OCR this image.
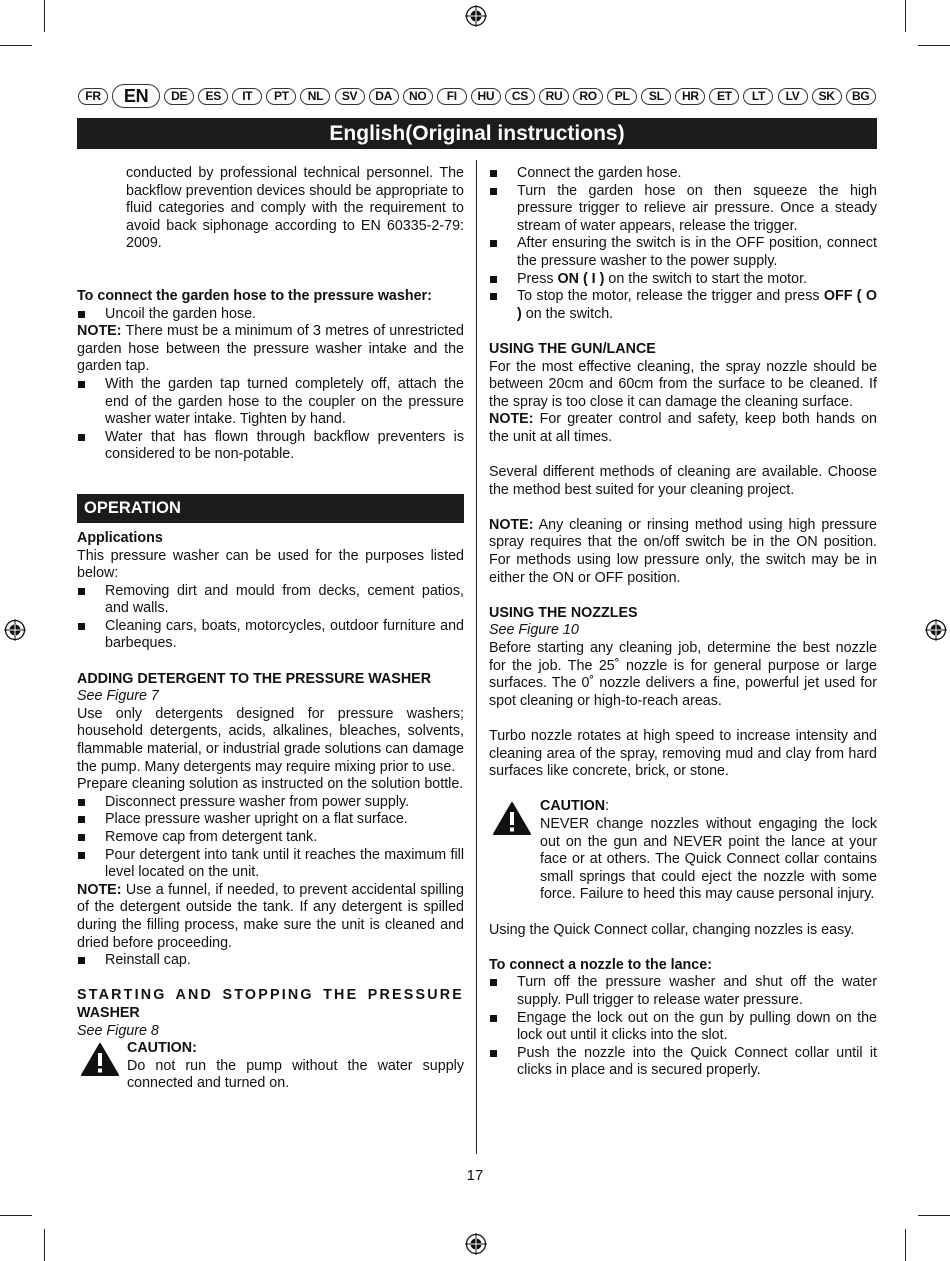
FR	EN	DE	ES	IT	PT	NL	SV	DA	NO	FI	HU	CS	RU	RO	PL	SL	HR	ET	LT	LV	SK	BG
English(Original instructions)

conducted by professional technical personnel. The backflow prevention devices should be appropriate to fluid categories and comply with the requirement to avoid back siphonage according to EN 60335-2-79: 2009.

To connect the garden hose to the pressure washer:

Uncoil the garden hose.

NOTE: There must be a minimum of 3 metres of unrestricted garden hose between the pressure washer intake and the garden tap.

With the garden tap turned completely off, attach the end of the garden hose to the coupler on the pressure washer water intake. Tighten by hand.
Water that has flown through backflow preventers is considered to be non-potable.

OPERATION

Applications

This pressure washer can be used for the purposes listed below:

Removing dirt and mould from decks, cement patios, and walls.
Cleaning cars, boats, motorcycles, outdoor furniture and barbeques.

ADDING DETERGENT TO THE PRESSURE WASHER

See Figure 7

Use only detergents designed for pressure washers; household detergents, acids, alkalines, bleaches, solvents, flammable material, or industrial grade solutions can damage the pump. Many detergents may require mixing prior to use.

Prepare cleaning solution as instructed on the solution bottle.

Disconnect pressure washer from power supply.
Place pressure washer upright on a flat surface.
Remove cap from detergent tank.
Pour detergent into tank until it reaches the maximum fill level located on the unit.

NOTE: Use a funnel, if needed, to prevent accidental spilling of the detergent outside the tank. If any detergent is spilled during the filling process, make sure the unit is cleaned and dried before proceeding.

Reinstall cap.

STARTING AND STOPPING THE PRESSURE

WASHER

See Figure 8

CAUTION:

Do not run the pump without the water supply connected and turned on.

Connect the garden hose.
Turn the garden hose on then squeeze the high pressure trigger to relieve air pressure. Once a steady stream of water appears, release the trigger.
After ensuring the switch is in the OFF position, connect the pressure washer to the power supply.
Press ON ( I ) on the switch to start the motor.
To stop the motor, release the trigger and press OFF ( O ) on the switch.

USING THE GUN/LANCE

For the most effective cleaning, the spray nozzle should be between 20cm and 60cm from the surface to be cleaned. If the spray is too close it can damage the cleaning surface.

NOTE: For greater control and safety, keep both hands on the unit at all times.

Several different methods of cleaning are available. Choose the method best suited for your cleaning project.

NOTE: Any cleaning or rinsing method using high pressure spray requires that the on/off switch be in the ON position. For methods using low pressure only, the switch may be in either the ON or OFF position.

USING THE NOZZLES

See Figure 10

Before starting any cleaning job, determine the best nozzle for the job. The 25˚ nozzle is for general purpose or large surfaces. The 0˚ nozzle delivers a fine, powerful jet used for spot cleaning or high-to-reach areas.

Turbo nozzle rotates at high speed to increase intensity and cleaning area of the spray, removing mud and clay from hard surfaces like concrete, brick, or stone.

CAUTION:

NEVER change nozzles without engaging the lock out on the gun and NEVER point the lance at your face or at others. The Quick Connect collar contains small springs that could eject the nozzle with some force. Failure to heed this may cause personal injury.

Using the Quick Connect collar, changing nozzles is easy.

To connect a nozzle to the lance:

Turn off the pressure washer and shut off the water supply. Pull trigger to release water pressure.
Engage the lock out on the gun by pulling down on the lock out until it clicks into the slot.
Push the nozzle into the Quick Connect collar until it clicks in place and is secured properly.
17
